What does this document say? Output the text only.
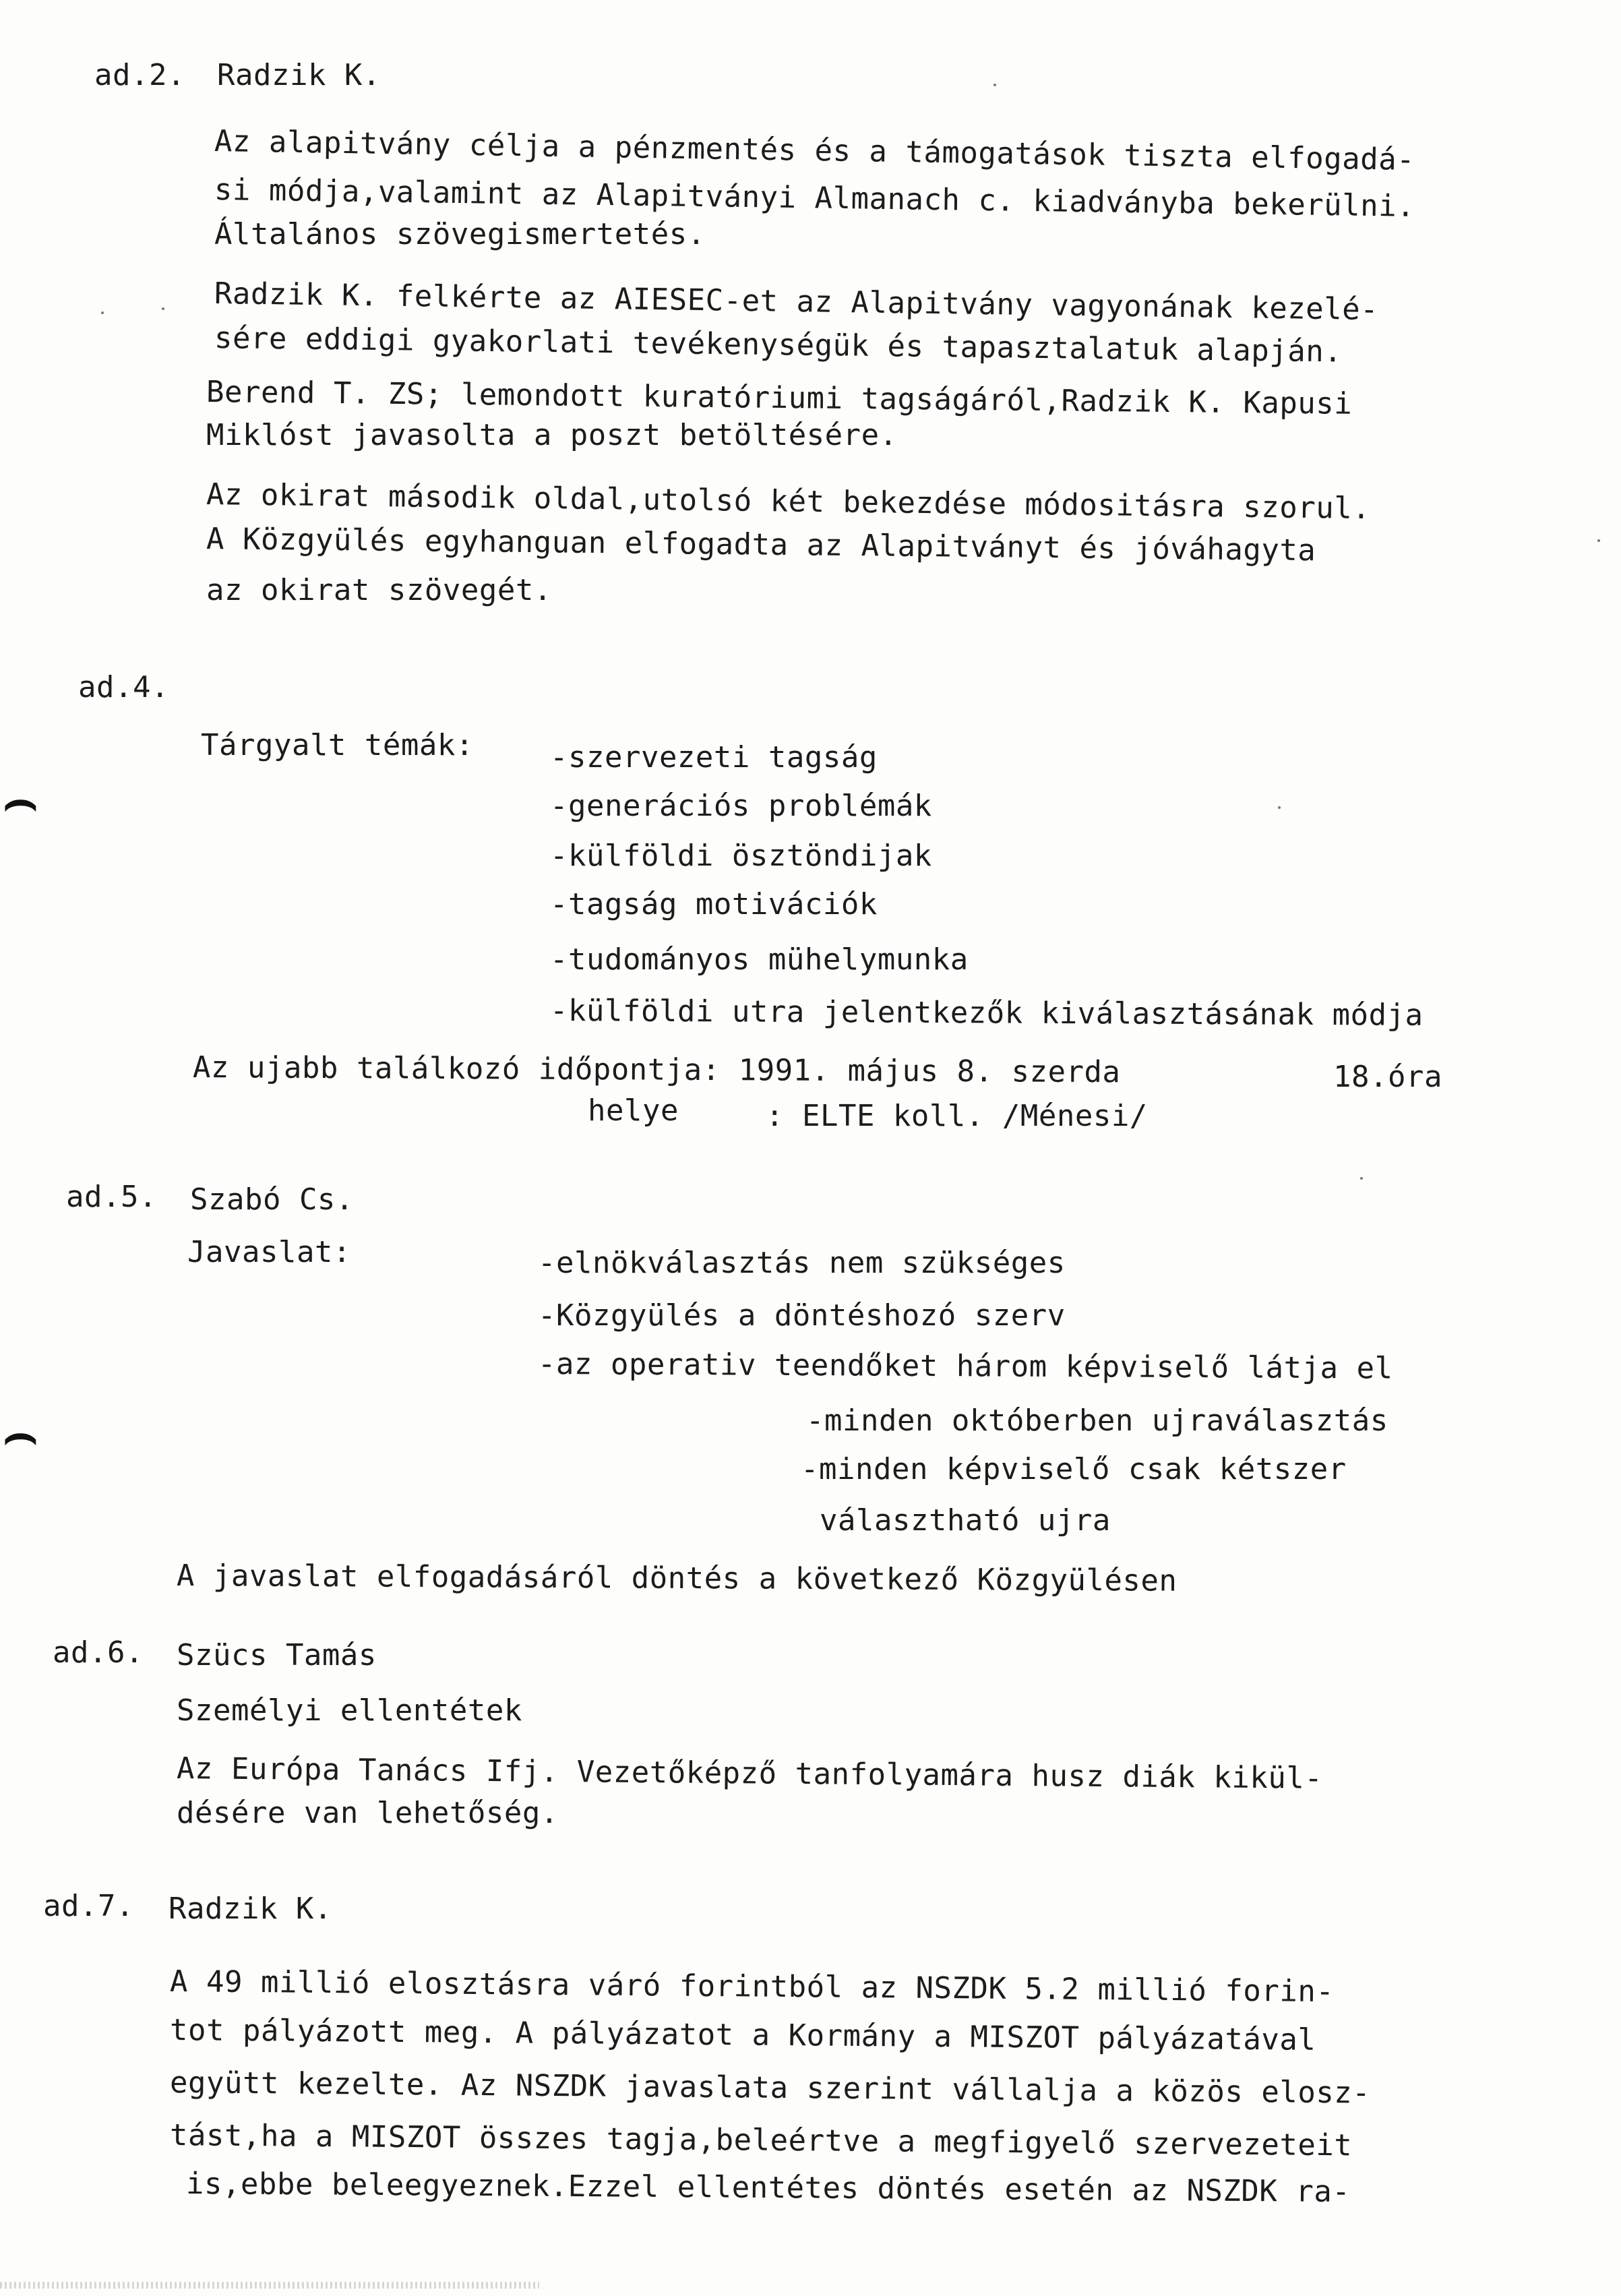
ad.2. Radzik K.
Az alapitvány célja a pénzmentés és a támogatások tiszta elfogadá-
si módja,valamint az Alapitványi Almanach c. kiadványba bekerülni.
Általános szövegismertetés.
Radzik K. felkérte az AIESEC-et az Alapitvány vagyonának kezelé-
sére eddigi gyakorlati tevékenységük és tapasztalatuk alapján.
Berend T. ZS; lemondott kuratóriumi tagságáról,Radzik K. Kapusi
Miklóst javasolta a poszt betöltésére.
Az okirat második oldal,utolsó két bekezdése módositásra szorul.
A Közgyülés egyhanguan elfogadta az Alapitványt és jóváhagyta
az okirat szövegét.
ad.4.
Tárgyalt témák:	-szervezeti tagság
-generációs problémák
-külföldi ösztöndijak
-tagság motivációk
-tudományos mühelymunka
-külföldi utra jelentkezők kiválasztásának módja
Az ujabb találkozó időpontja: 1991. május 8. szerda	18.óra
helye	: ELTE koll. /Ménesi/
ad.5. Szabó Cs.
Javaslat:	-elnökválasztás nem szükséges
-Közgyülés a döntéshozó szerv
-az operativ teendőket három képviselő látja el
-minden októberben ujraválasztás
-minden képviselő csak kétszer
választható ujra
A javaslat elfogadásáról döntés a következő Közgyülésen
ad.6. Szücs Tamás
Személyi ellentétek
Az Európa Tanács Ifj. Vezetőképző tanfolyamára husz diák kikül-
désére van lehetőség.
ad.7. Radzik K.
A 49 millió elosztásra váró forintból az NSZDK 5.2 millió forin-
tot pályázott meg. A pályázatot a Kormány a MISZOT pályázatával
együtt kezelte. Az NSZDK javaslata szerint vállalja a közös elosz-
tást,ha a MISZOT összes tagja,beleértve a megfigyelő szervezeteit
is,ebbe beleegyeznek.Ezzel ellentétes döntés esetén az NSZDK ra-
⌢
⌢
